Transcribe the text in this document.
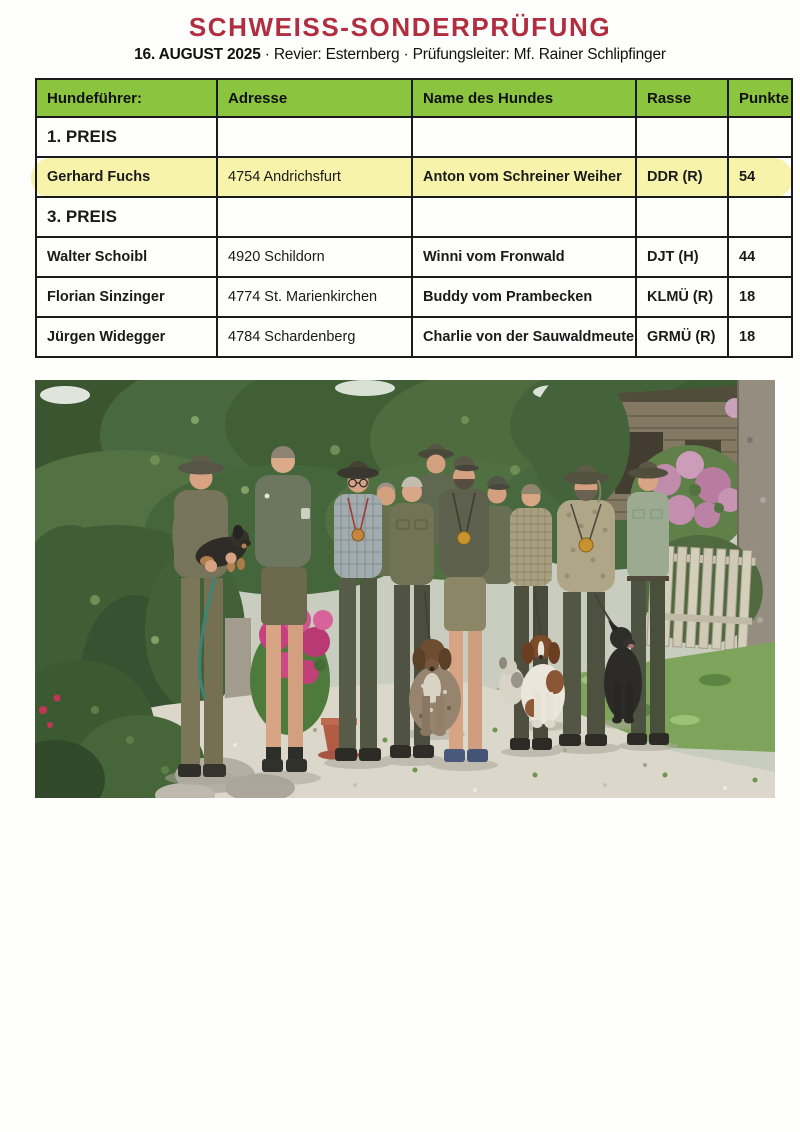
SCHWEISS-SONDERPRÜFUNG

16. AUGUST 2025 · Revier: Esternberg · Prüfungsleiter: Mf. Rainer Schlipfinger

Hundeführer:	Adresse	Name des Hundes	Rasse	Punkte
1. PREIS				
Gerhard Fuchs	4754 Andrichsfurt	Anton vom Schreiner Weiher	DDR (R)	54
3. PREIS				
Walter Schoibl	4920 Schildorn	Winni vom Fronwald	DJT (H)	44
Florian Sinzinger	4774 St. Marienkirchen	Buddy vom Prambecken	KLMÜ (R)	18
Jürgen Widegger	4784 Schardenberg	Charlie von der Sauwaldmeute	GRMÜ (R)	18
